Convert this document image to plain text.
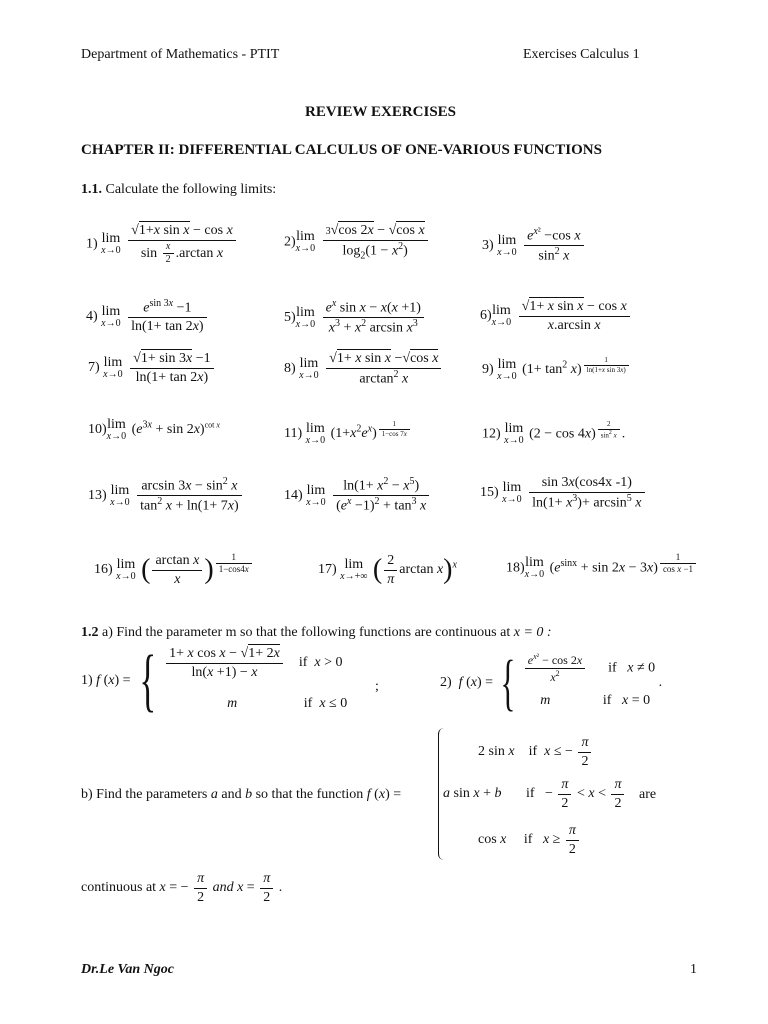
Department of Mathematics - PTIT	Exercises Calculus 1
REVIEW EXERCISES
CHAPTER II: DIFFERENTIAL CALCULUS OF ONE-VARIOUS FUNCTIONS
1.1. Calculate the following limits:
1) lim
x→0
$\frac{\text{√1+x sin x − cos x}}{\sin \frac{x}{2} .\arctan x}$	2) lim
x→0
$\frac{\text{3√cos 2x − √cos x}}{\log_2(1 - x^2)}$	3) lim
x→0
$\frac{e^{x^2} -\cos x}{\sin^2 x}$
4) lim
x→0
$\frac{e^{sin 3x} -1}{\ln(1+ \tan 2x)}$	5) lim
x→0
$\frac{e^x \sin x - x(x +1)}{x^3 + x^2 \arcsin x^3}$	6) lim
x→0
$\frac{\text{√1+ x sin x − cos x}}{\text{x.arcsin x}}$
7) lim
x→0
$\frac{√1+ \sin 3x -1}{\ln(1+ \tan 2x)}$	8) lim
x→0
$\frac{\text{√1+ x sin x −√cos x}}{\arctan^2 x}$	9) lim
x→0 $(1+ \tan^2 x) \frac{1}{\text{ln(1+x sin 3x)}}$
10) lim
x→0 $(e^{3x} + \sin 2x)^{cot x}$
11) lim
x→0 $(1+x^2e^x) \frac{1}{1-\cos 7x}$	12) lim
x→0 $(2 - \cos 4x) \frac{2}{\sin^2 x}$ .
13) lim
x→0
$\frac{\arcsin 3x - \sin^2 x}{\tan^2 x + \ln(1+ 7x)}$	14) lim
x→0
$\frac{\ln(1+ x^2 - x^5)}{(e^x -1)^2 + \tan^3 x}$	15) lim
x→0
$\frac{\sin 3x(\cos 4x -1)}{\ln(1+ x^3)+ \arcsin^5 x}$
16) lim
x→0 ( $\frac{\text{arctan x}}{x}$ ) $\frac{1}{1-\cos 4x}$	17) lim
x→+∞ ( $\frac{2}{\pi}$ arctan x)$^x$	18) lim
x→0 $(e^{sinx} + \sin 2x - 3x) \frac{1}{\text{cos x −1}}$
1.2 a) Find the parameter m so that the following functions are continuous at x = 0 :
1) f (x) = { $\frac{\text{1+ x cos x − √1+ 2x}}{\ln(x +1) - x}$ if  x > 0
m                   if  x ≤ 0
;	2)  f (x) = { $\frac{e^{x^2} - \cos 2x}{x^2}$ if   x ≠ 0
m               if   x = 0
.
2 sin x    if  x ≤ − $\frac{\pi}{2}$
b) Find the parameters a and b so that the function f (x) =	a sin x + b       if   − $\frac{\pi}{2} < x < \frac{\pi}{2}$ are
cos x     if   $x \ge \frac{\pi}{2}$
continuous at x = − $\frac{\pi}{2}$ and $x = \frac{\pi}{2}$ .
Dr.Le Van Ngoc	1
